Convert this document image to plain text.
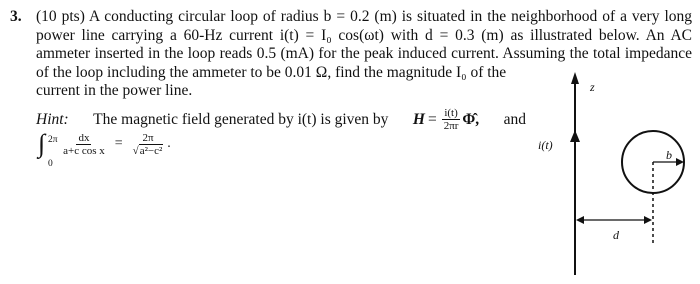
3. (10 pts) A conducting circular loop of radius b = 0.2 (m) is situated in the neighborhood of a very long
power line carrying a 60-Hz current i(t) = I₀ cos(ωt) with d = 0.3 (m) as illustrated below. An AC
ammeter inserted in the loop reads 0.5 (mA) for the peak induced current. Assuming the total impedance
of the loop including the ammeter to be 0.01 Ω, find the magnitude I₀ of the
current in the power line.
Hint: The magnetic field generated by i(t) is given by $H = \frac{i(t)}{2\pi r}$ Φ̂, and
∫ 2π
0
$\frac{dx}{\text{a+c cos x}} = \frac{2\pi}{\text{√a²−c²}}$ .
z
i(t)
b
d
